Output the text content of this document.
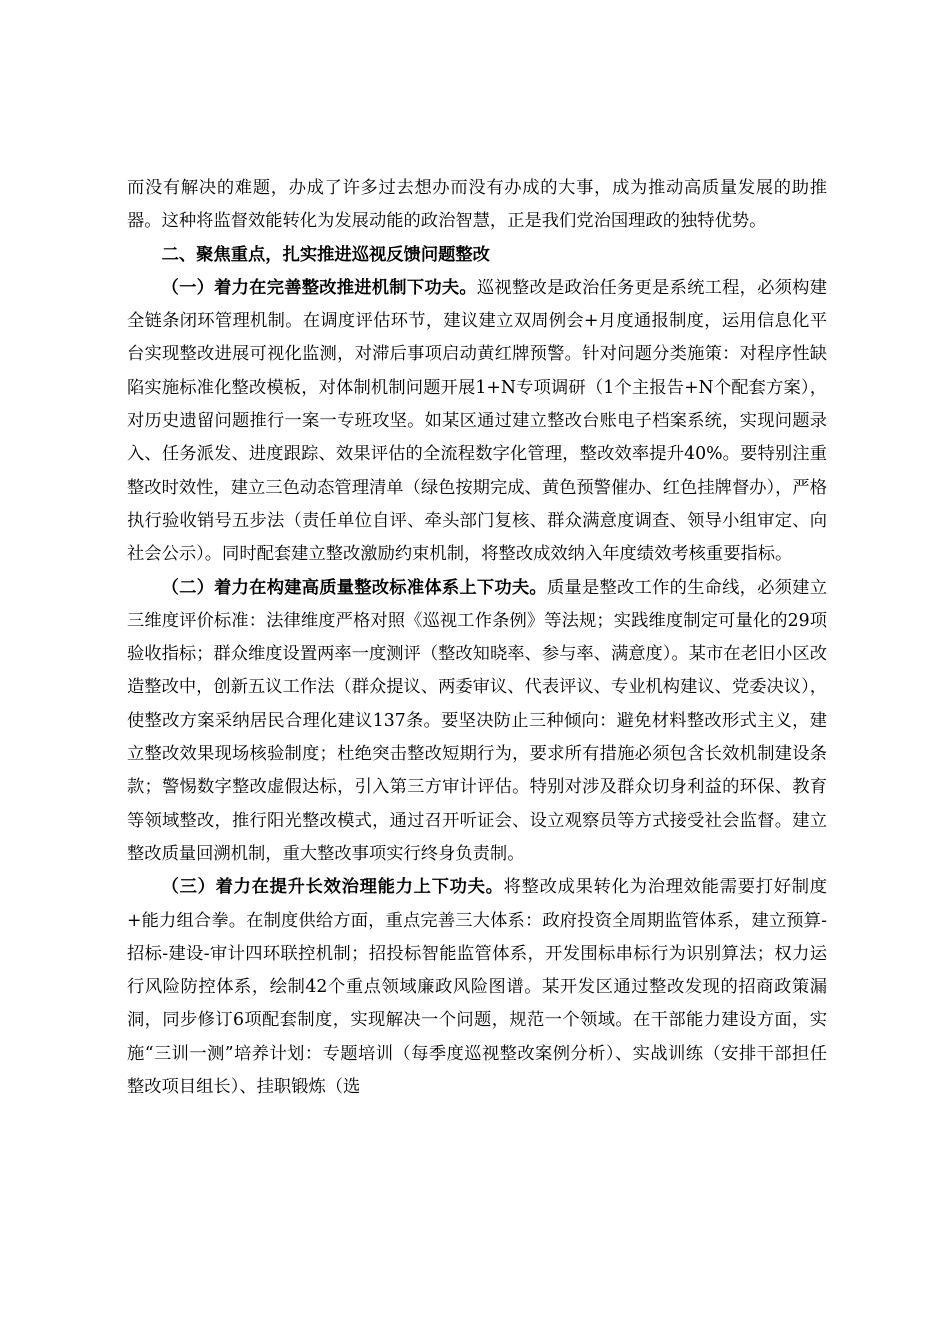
而没有解决的难题，办成了许多过去想办而没有办成的大事，成为推动高质量发展的助推器。这种将监督效能转化为发展动能的政治智慧，正是我们党治国理政的独特优势。

二、聚焦重点，扎实推进巡视反馈问题整改

（一）着力在完善整改推进机制下功夫。巡视整改是政治任务更是系统工程，必须构建全链条闭环管理机制。在调度评估环节，建议建立双周例会+月度通报制度，运用信息化平台实现整改进展可视化监测，对滞后事项启动黄红牌预警。针对问题分类施策：对程序性缺陷实施标准化整改模板，对体制机制问题开展1+N专项调研（1个主报告+N个配套方案），对历史遗留问题推行一案一专班攻坚。如某区通过建立整改台账电子档案系统，实现问题录入、任务派发、进度跟踪、效果评估的全流程数字化管理，整改效率提升40%。要特别注重整改时效性，建立三色动态管理清单（绿色按期完成、黄色预警催办、红色挂牌督办），严格执行验收销号五步法（责任单位自评、牵头部门复核、群众满意度调查、领导小组审定、向社会公示）。同时配套建立整改激励约束机制，将整改成效纳入年度绩效考核重要指标。

（二）着力在构建高质量整改标准体系上下功夫。质量是整改工作的生命线，必须建立三维度评价标准：法律维度严格对照《巡视工作条例》等法规；实践维度制定可量化的29项验收指标；群众维度设置两率一度测评（整改知晓率、参与率、满意度）。某市在老旧小区改造整改中，创新五议工作法（群众提议、两委审议、代表评议、专业机构建议、党委决议），使整改方案采纳居民合理化建议137条。要坚决防止三种倾向：避免材料整改形式主义，建立整改效果现场核验制度；杜绝突击整改短期行为，要求所有措施必须包含长效机制建设条款；警惕数字整改虚假达标，引入第三方审计评估。特别对涉及群众切身利益的环保、教育等领域整改，推行阳光整改模式，通过召开听证会、设立观察员等方式接受社会监督。建立整改质量回溯机制，重大整改事项实行终身负责制。

（三）着力在提升长效治理能力上下功夫。将整改成果转化为治理效能需要打好制度+能力组合拳。在制度供给方面，重点完善三大体系：政府投资全周期监管体系，建立预算-招标-建设-审计四环联控机制；招投标智能监管体系，开发围标串标行为识别算法；权力运行风险防控体系，绘制42个重点领域廉政风险图谱。某开发区通过整改发现的招商政策漏洞，同步修订6项配套制度，实现解决一个问题，规范一个领域。在干部能力建设方面，实施“三训一测”培养计划：专题培训（每季度巡视整改案例分析）、实战训练（安排干部担任整改项目组长）、挂职锻炼（选
